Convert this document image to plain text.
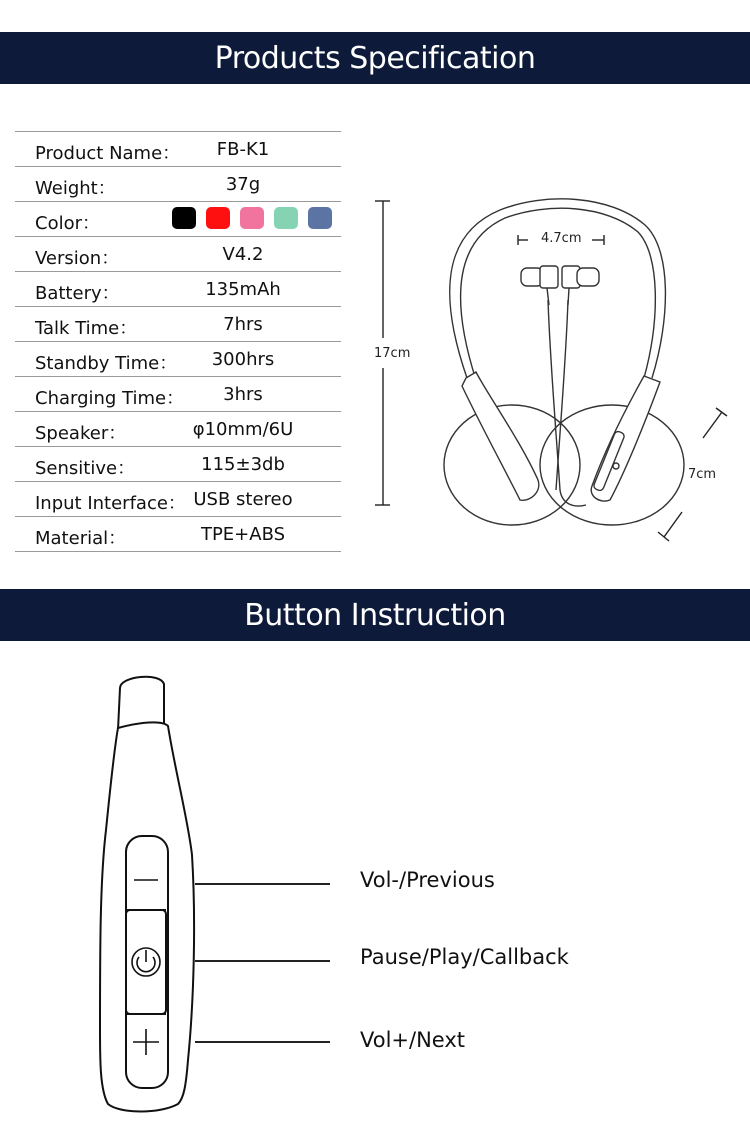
Products Specification
Product Name：	FB-K1
Weight：	37g
Color：
Version：	V4.2
Battery：	135mAh
Talk Time：	7hrs
Standby Time：	300hrs
Charging Time：	3hrs
Speaker：	φ10mm/6U
Sensitive：	115±3db
Input Interface： USB stereo
Material：	TPE+ABS
4.7cm
17cm
7cm
Button Instruction
Vol-/Previous
Pause/Play/Callback
Vol+/Next
